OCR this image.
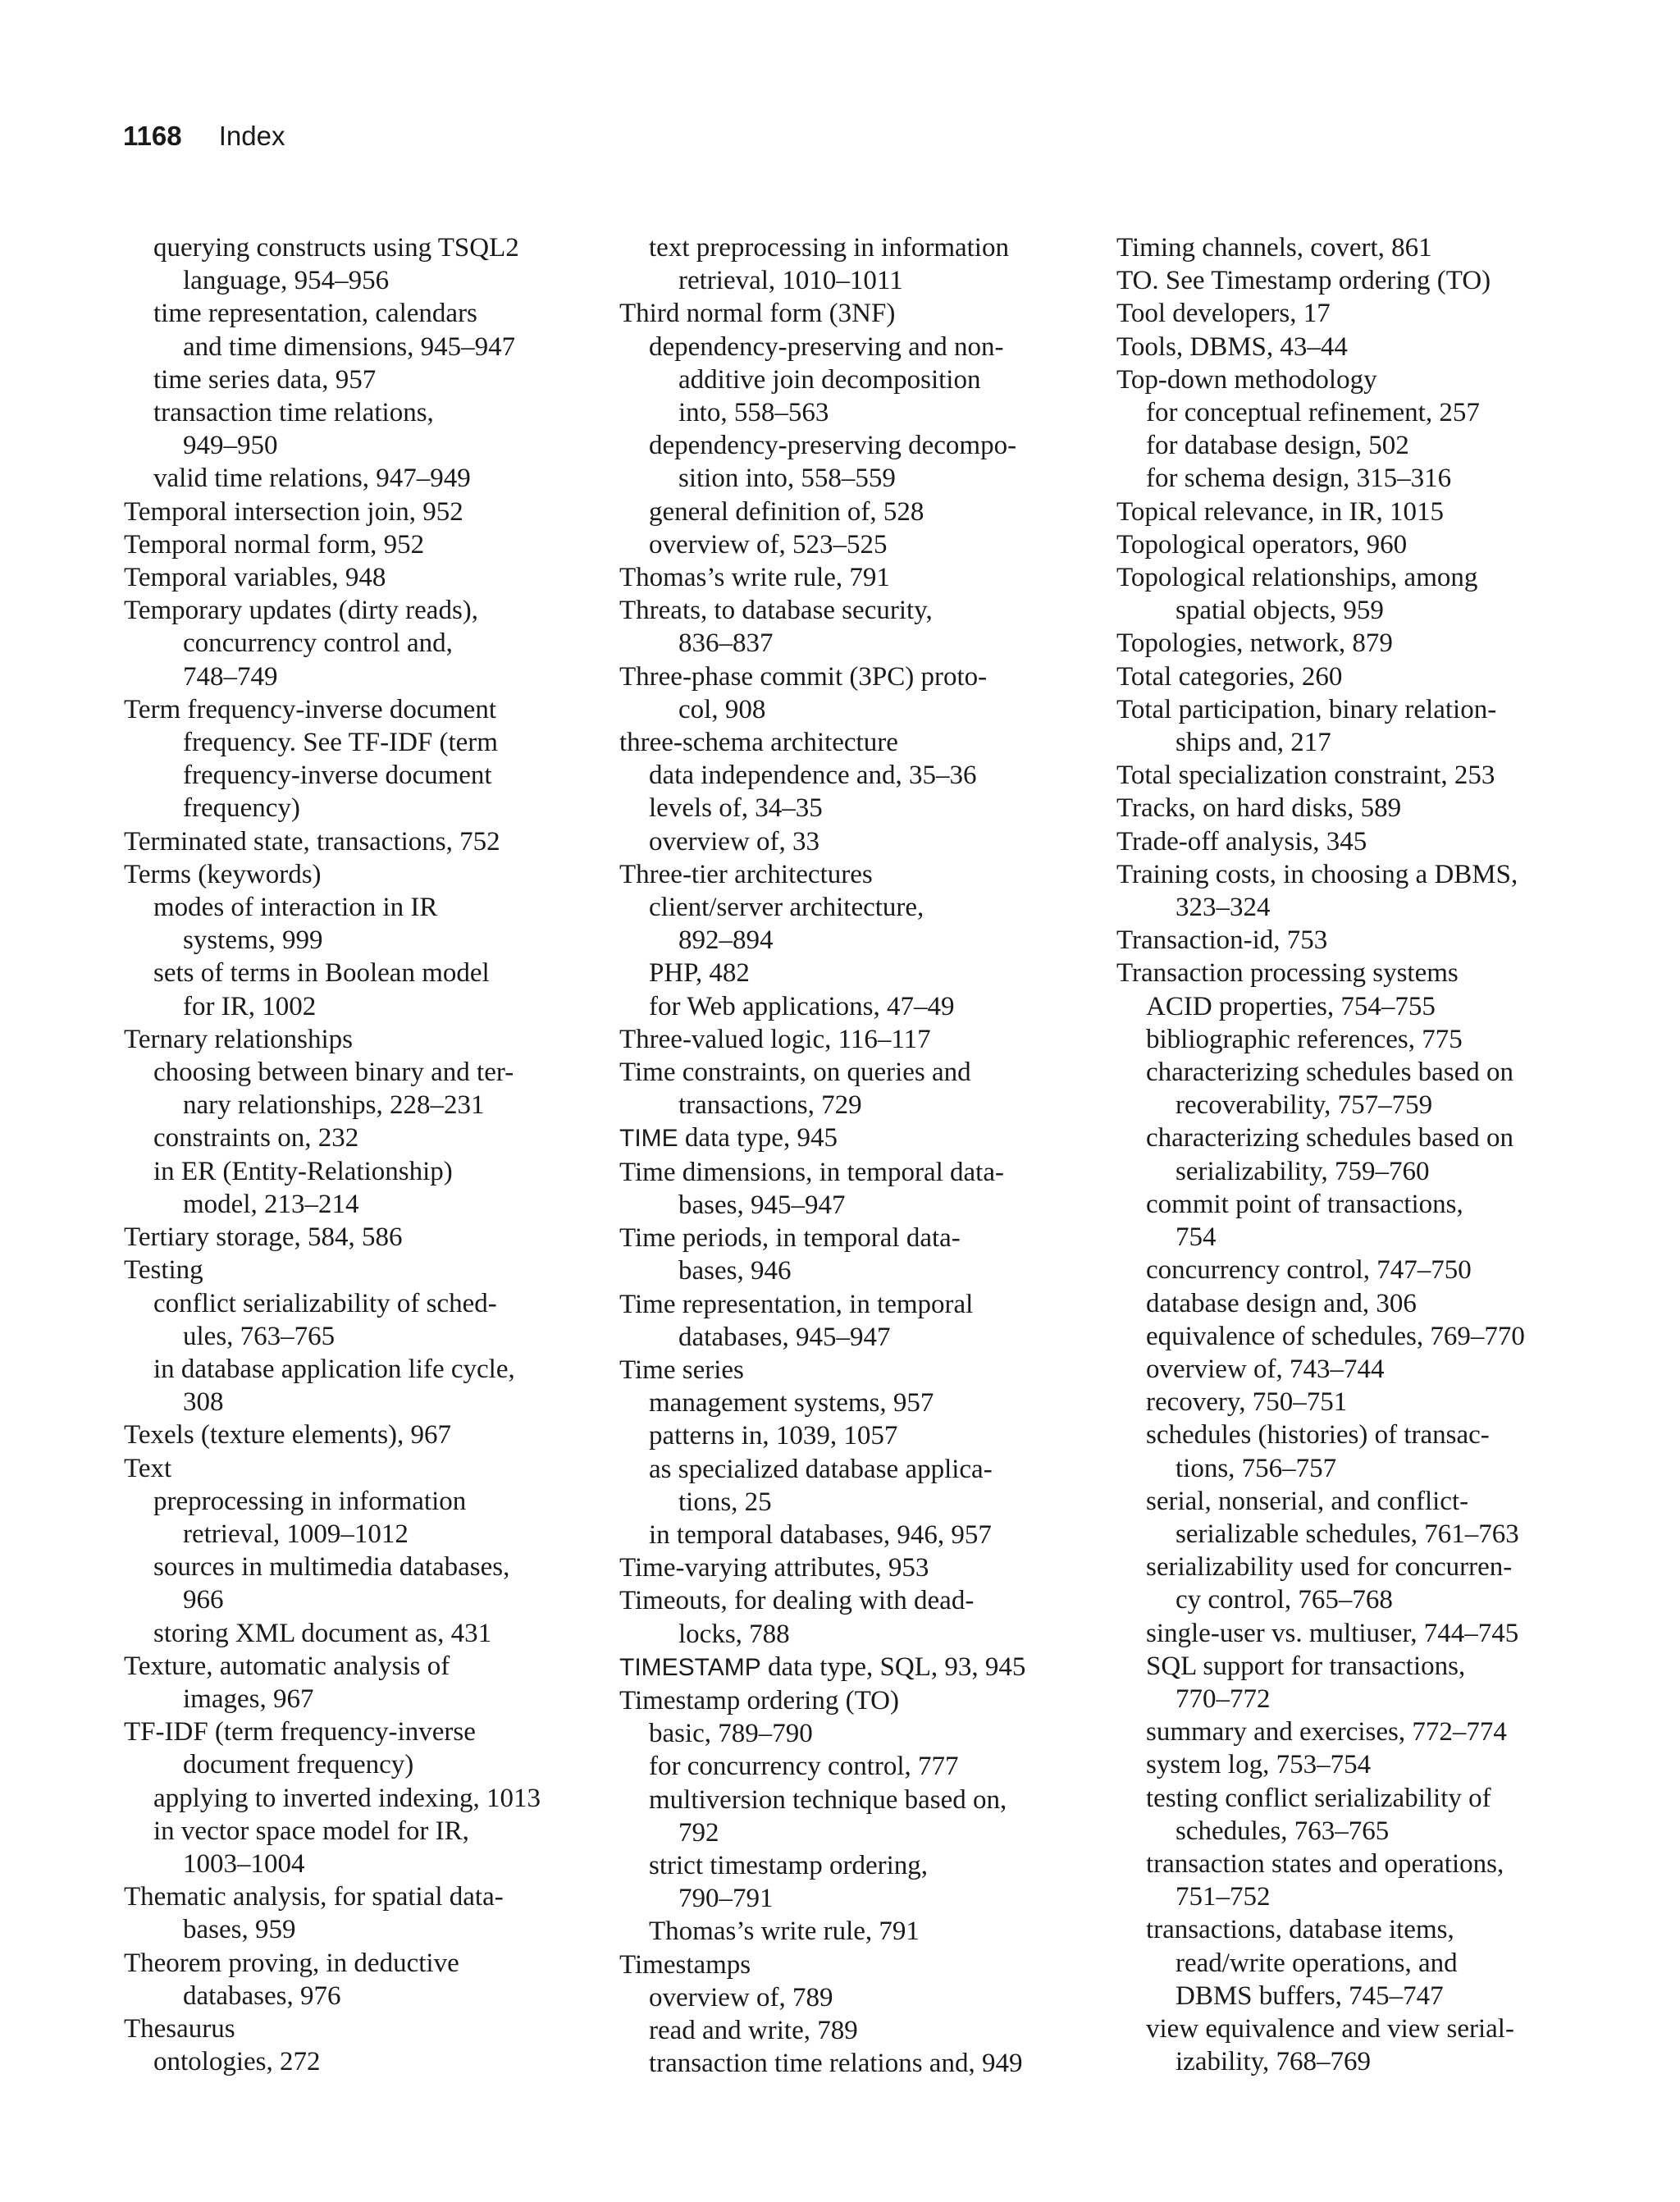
1168 Index
querying constructs using TSQL2
language, 954–956
time representation, calendars
and time dimensions, 945–947
time series data, 957
transaction time relations,
949–950
valid time relations, 947–949
Temporal intersection join, 952
Temporal normal form, 952
Temporal variables, 948
Temporary updates (dirty reads),
concurrency control and,
748–749
Term frequency-inverse document
frequency. See TF-IDF (term
frequency-inverse document
frequency)
Terminated state, transactions, 752
Terms (keywords)
modes of interaction in IR
systems, 999
sets of terms in Boolean model
for IR, 1002
Ternary relationships
choosing between binary and ter-
nary relationships, 228–231
constraints on, 232
in ER (Entity-Relationship)
model, 213–214
Tertiary storage, 584, 586
Testing
conflict serializability of sched-
ules, 763–765
in database application life cycle,
308
Texels (texture elements), 967
Text
preprocessing in information
retrieval, 1009–1012
sources in multimedia databases,
966
storing XML document as, 431
Texture, automatic analysis of
images, 967
TF-IDF (term frequency-inverse
document frequency)
applying to inverted indexing, 1013
in vector space model for IR,
1003–1004
Thematic analysis, for spatial data-
bases, 959
Theorem proving, in deductive
databases, 976
Thesaurus
ontologies, 272
text preprocessing in information
retrieval, 1010–1011
Third normal form (3NF)
dependency-preserving and non-
additive join decomposition
into, 558–563
dependency-preserving decompo-
sition into, 558–559
general definition of, 528
overview of, 523–525
Thomas’s write rule, 791
Threats, to database security,
836–837
Three-phase commit (3PC) proto-
col, 908
three-schema architecture
data independence and, 35–36
levels of, 34–35
overview of, 33
Three-tier architectures
client/server architecture,
892–894
PHP, 482
for Web applications, 47–49
Three-valued logic, 116–117
Time constraints, on queries and
transactions, 729
TIME data type, 945
Time dimensions, in temporal data-
bases, 945–947
Time periods, in temporal data-
bases, 946
Time representation, in temporal
databases, 945–947
Time series
management systems, 957
patterns in, 1039, 1057
as specialized database applica-
tions, 25
in temporal databases, 946, 957
Time-varying attributes, 953
Timeouts, for dealing with dead-
locks, 788
TIMESTAMP data type, SQL, 93, 945
Timestamp ordering (TO)
basic, 789–790
for concurrency control, 777
multiversion technique based on,
792
strict timestamp ordering,
790–791
Thomas’s write rule, 791
Timestamps
overview of, 789
read and write, 789
transaction time relations and, 949
Timing channels, covert, 861
TO. See Timestamp ordering (TO)
Tool developers, 17
Tools, DBMS, 43–44
Top-down methodology
for conceptual refinement, 257
for database design, 502
for schema design, 315–316
Topical relevance, in IR, 1015
Topological operators, 960
Topological relationships, among
spatial objects, 959
Topologies, network, 879
Total categories, 260
Total participation, binary relation-
ships and, 217
Total specialization constraint, 253
Tracks, on hard disks, 589
Trade-off analysis, 345
Training costs, in choosing a DBMS,
323–324
Transaction-id, 753
Transaction processing systems
ACID properties, 754–755
bibliographic references, 775
characterizing schedules based on
recoverability, 757–759
characterizing schedules based on
serializability, 759–760
commit point of transactions,
754
concurrency control, 747–750
database design and, 306
equivalence of schedules, 769–770
overview of, 743–744
recovery, 750–751
schedules (histories) of transac-
tions, 756–757
serial, nonserial, and conflict-
serializable schedules, 761–763
serializability used for concurren-
cy control, 765–768
single-user vs. multiuser, 744–745
SQL support for transactions,
770–772
summary and exercises, 772–774
system log, 753–754
testing conflict serializability of
schedules, 763–765
transaction states and operations,
751–752
transactions, database items,
read/write operations, and
DBMS buffers, 745–747
view equivalence and view serial-
izability, 768–769
